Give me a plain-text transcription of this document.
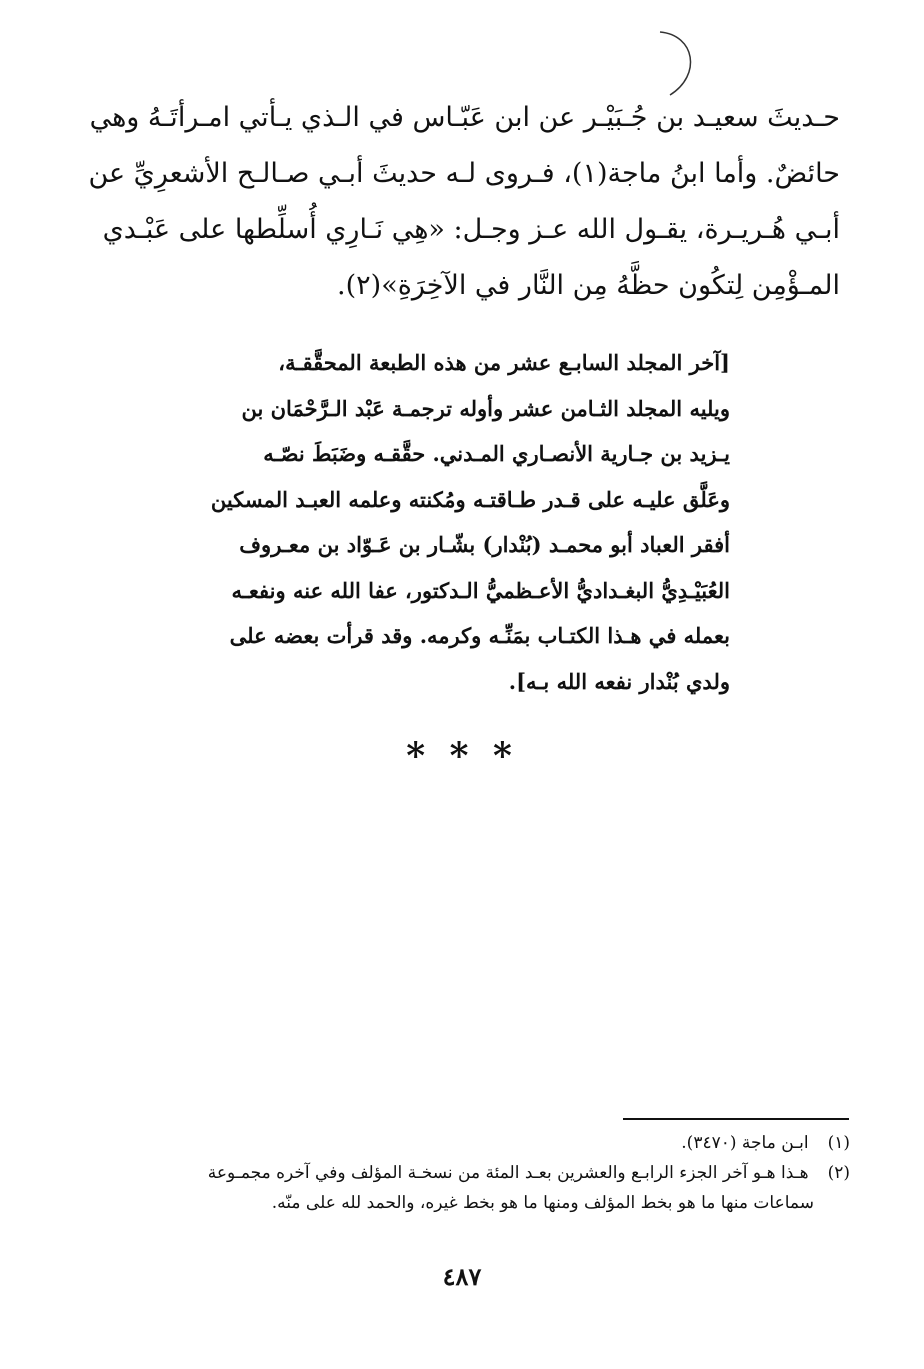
حـديثَ سعيـد بن جُـبَيْـر عن ابن عَبّـاس في الـذي يـأتي امـرأتَـهُ وهي
حائضٌ. وأما ابنُ ماجة(١)، فـروى لـه حديثَ أبـي صـالـح الأشعرِيِّ عن
أبـي هُـريـرة، يقـول الله عـز وجـل: «هِي نَـارِي أُسلِّطها على عَبْـدي
المـؤْمِن لِتكُون حظَّهُ مِن النَّار في الآخِرَةِ»(٢).
[آخر المجلد السابـع عشر من هذه الطبعة المحقَّقـة،
ويليه المجلد الثـامن عشر وأوله ترجمـة عَبْد الـرَّحْمَان بن
يـزيد بن جـارية الأنصـاري المـدني. حقَّقـه وضَبَطَ نصّـه
وعَلَّق عليـه على قـدر طـاقتـه ومُكنته وعلمه العبـد المسكين
أفقر العباد أبو محمـد (بُنْدار) بشّـار بن عَـوّاد بن معـروف
العُبَيْـدِيُّ البغـداديُّ الأعـظميُّ الـدكتور، عفا الله عنه ونفعـه
بعمله في هـذا الكتـاب بمَنِّـه وكرمه. وقد قرأت بعضه على
ولدي بُنْدار نفعه الله بـه].
* * *
(١) ابـن ماجة (٣٤٧٠).
(٢) هـذا هـو آخر الجزء الرابـع والعشرين بعـد المئة من نسخـة المؤلف وفي آخره مجمـوعة
سماعات منها ما هو بخط المؤلف ومنها ما هو بخط غيره، والحمد لله على منّه.
٤٨٧
